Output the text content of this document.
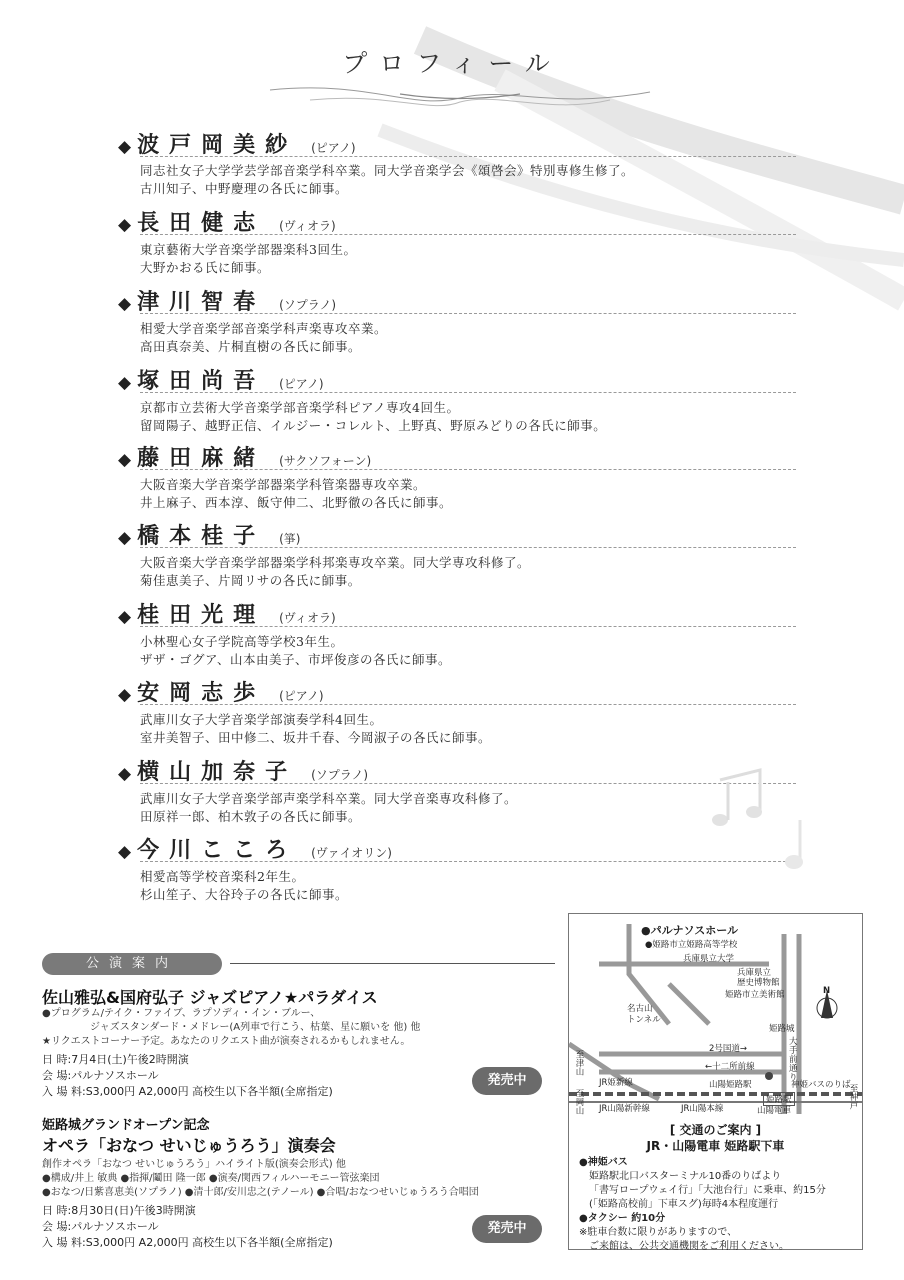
プロフィール
◆ 波戸岡美紗 (ピアノ)
同志社女子大学学芸学部音楽学科卒業。同大学音楽学会《頌啓会》特別専修生修了。
古川知子、中野慶理の各氏に師事。
◆ 長田健志 (ヴィオラ)
東京藝術大学音楽学部器楽科3回生。
大野かおる氏に師事。
◆ 津川智春 (ソプラノ)
相愛大学音楽学部音楽学科声楽専攻卒業。
高田真奈美、片桐直樹の各氏に師事。
◆ 塚田尚吾 (ピアノ)
京都市立芸術大学音楽学部音楽学科ピアノ専攻4回生。
留岡陽子、越野正信、イルジー・コレルト、上野真、野原みどりの各氏に師事。
◆ 藤田麻緒 (サクソフォーン)
大阪音楽大学音楽学部器楽学科管楽器専攻卒業。
井上麻子、西本淳、飯守伸二、北野徹の各氏に師事。
◆ 橋本桂子 (箏)
大阪音楽大学音楽学部器楽学科邦楽専攻卒業。同大学専攻科修了。
菊佳恵美子、片岡リサの各氏に師事。
◆ 桂田光理 (ヴィオラ)
小林聖心女子学院高等学校3年生。
ザザ・ゴグア、山本由美子、市坪俊彦の各氏に師事。
◆ 安岡志歩 (ピアノ)
武庫川女子大学音楽学部演奏学科4回生。
室井美智子、田中修二、坂井千春、今岡淑子の各氏に師事。
◆ 横山加奈子 (ソプラノ)
武庫川女子大学音楽学部声楽学科卒業。同大学音楽専攻科修了。
田原祥一郎、柏木敦子の各氏に師事。
◆ 今川こころ (ヴァイオリン)
相愛高等学校音楽科2年生。
杉山笙子、大谷玲子の各氏に師事。
公演案内
佐山雅弘&国府弘子 ジャズピアノ★パラダイス
●プログラム/テイク・ファイブ、ラプソディ・イン・ブルー、
ジャズスタンダード・メドレー(A列車で行こう、枯葉、星に願いを 他) 他
★リクエストコーナー予定。あなたのリクエスト曲が演奏されるかもしれません。
日 時:7月4日(土)午後2時開演
会 場:パルナソスホール
入 場 料:S3,000円 A2,000円 高校生以下各半額(全席指定)
発売中
姫路城グランドオープン記念
オペラ「おなつ せいじゅうろう」演奏会
創作オペラ「おなつ せいじゅうろう」ハイライト版(演奏会形式) 他
●構成/井上 敏典 ●指揮/鬮田 隆一郎 ●演奏/関西フィルハーモニー管弦楽団
●おなつ/日紫喜恵美(ソプラノ) ●清十郎/安川忠之(テノール) ●合唱/おなつせいじゅうろう合唱団
日 時:8月30日(日)午後3時開演
会 場:パルナソスホール
入 場 料:S3,000円 A2,000円 高校生以下各半額(全席指定)
発売中
●パルナソスホール
●姫路市立姫路高等学校
兵庫県立大学
兵庫県立
歴史博物館
姫路市立美術館
名古山
トンネル
姫路城
2号国道→
←十二所前線
大
手
前
通
り
JR姫新線	山陽姫路駅	神姫バスのりば
JR山陽新幹線	JR山陽本線
姫路駅
山陽電車
至津山
至岡山	至神戸
N
[ 交通のご案内 ]
JR・山陽電車 姫路駅下車
●神姫バス
姫路駅北口バスターミナル10番のりばより
「書写ロープウェイ行」「大池台行」に乗車、約15分
(「姫路高校前」下車スグ)毎時4本程度運行
●タクシー 約10分
※駐車台数に限りがありますので、
ご来館は、公共交通機関をご利用ください。
